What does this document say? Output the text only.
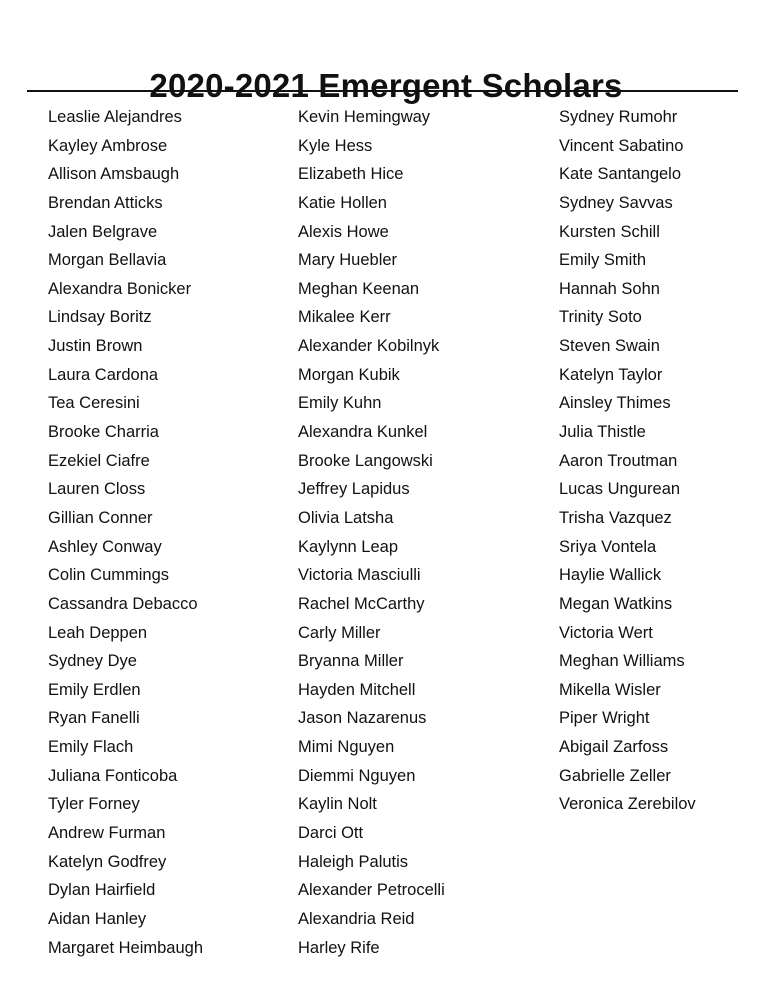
2020-2021 Emergent Scholars
Leaslie Alejandres
Kayley Ambrose
Allison Amsbaugh
Brendan Atticks
Jalen Belgrave
Morgan Bellavia
Alexandra Bonicker
Lindsay Boritz
Justin Brown
Laura Cardona
Tea Ceresini
Brooke Charria
Ezekiel Ciafre
Lauren Closs
Gillian Conner
Ashley Conway
Colin Cummings
Cassandra Debacco
Leah Deppen
Sydney Dye
Emily Erdlen
Ryan Fanelli
Emily Flach
Juliana Fonticoba
Tyler Forney
Andrew Furman
Katelyn Godfrey
Dylan Hairfield
Aidan Hanley
Margaret Heimbaugh
Kevin Hemingway
Kyle Hess
Elizabeth Hice
Katie Hollen
Alexis Howe
Mary Huebler
Meghan Keenan
Mikalee Kerr
Alexander Kobilnyk
Morgan Kubik
Emily Kuhn
Alexandra Kunkel
Brooke Langowski
Jeffrey Lapidus
Olivia Latsha
Kaylynn Leap
Victoria Masciulli
Rachel McCarthy
Carly Miller
Bryanna Miller
Hayden Mitchell
Jason Nazarenus
Mimi Nguyen
Diemmi Nguyen
Kaylin Nolt
Darci Ott
Haleigh Palutis
Alexander Petrocelli
Alexandria Reid
Harley Rife
Sydney Rumohr
Vincent Sabatino
Kate Santangelo
Sydney Savvas
Kursten Schill
Emily Smith
Hannah Sohn
Trinity Soto
Steven Swain
Katelyn Taylor
Ainsley Thimes
Julia Thistle
Aaron Troutman
Lucas Ungurean
Trisha Vazquez
Sriya Vontela
Haylie Wallick
Megan Watkins
Victoria Wert
Meghan Williams
Mikella Wisler
Piper Wright
Abigail Zarfoss
Gabrielle Zeller
Veronica Zerebilov
